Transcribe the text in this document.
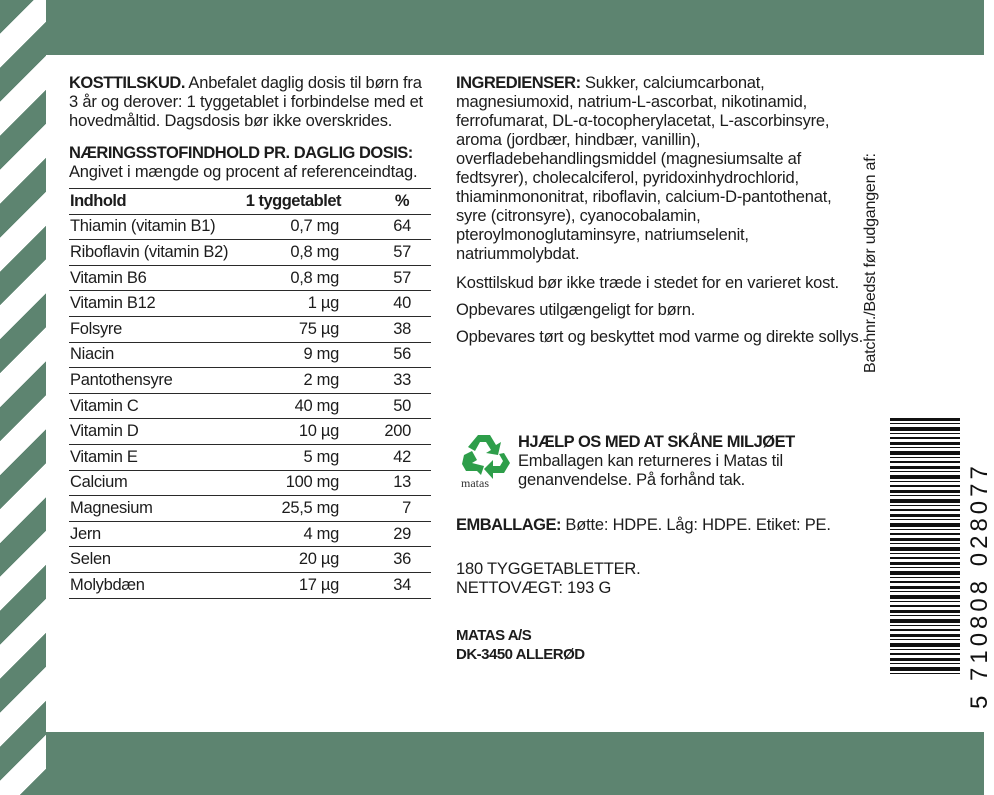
KOSTTILSKUD. Anbefalet daglig dosis til børn fra 3 år og derover: 1 tyggetablet i forbindelse med et hovedmåltid. Dagsdosis bør ikke overskrides.

NÆRINGSSTOFINDHOLD PR. DAGLIG DOSIS:

Angivet i mængde og procent af referenceindtag.

Indhold	1 tyggetablet	%
Thiamin (vitamin B1)	0,7 mg	64
Riboflavin (vitamin B2)	0,8 mg	57
Vitamin B6	0,8 mg	57
Vitamin B12	1 µg	40
Folsyre	75 µg	38
Niacin	9 mg	56
Pantothensyre	2 mg	33
Vitamin C	40 mg	50
Vitamin D	10 µg	200
Vitamin E	5 mg	42
Calcium	100 mg	13
Magnesium	25,5 mg	7
Jern	4 mg	29
Selen	20 µg	36
Molybdæn	17 µg	34

INGREDIENSER: Sukker, calciumcarbonat, magnesiumoxid, natrium-L-ascorbat, nikotinamid, ferrofumarat, DL-α-tocopherylacetat, L-ascorbinsyre, aroma (jordbær, hindbær, vanillin), overfladebehandlingsmiddel (magnesiumsalte af fedtsyrer), cholecalciferol, pyridoxinhydrochlorid, thiaminmononitrat, riboflavin, calcium-D-pantothenat, syre (citronsyre), cyanocobalamin, pteroylmonoglutaminsyre, natriumselenit, natriummolybdat.

Kosttilskud bør ikke træde i stedet for en varieret kost.

Opbevares utilgængeligt for børn.

Opbevares tørt og beskyttet mod varme og direkte sollys.

matas

HJÆLP OS MED AT SKÅNE MILJØET

Emballagen kan returneres i Matas til genanvendelse. På forhånd tak.

EMBALLAGE: Bøtte: HDPE. Låg: HDPE. Etiket: PE.

180 TYGGETABLETTER.

NETTOVÆGT: 193 G

MATAS A/S

DK-3450 ALLERØD

Batchnr./Bedst før udgangen af:
5 710808 028077
